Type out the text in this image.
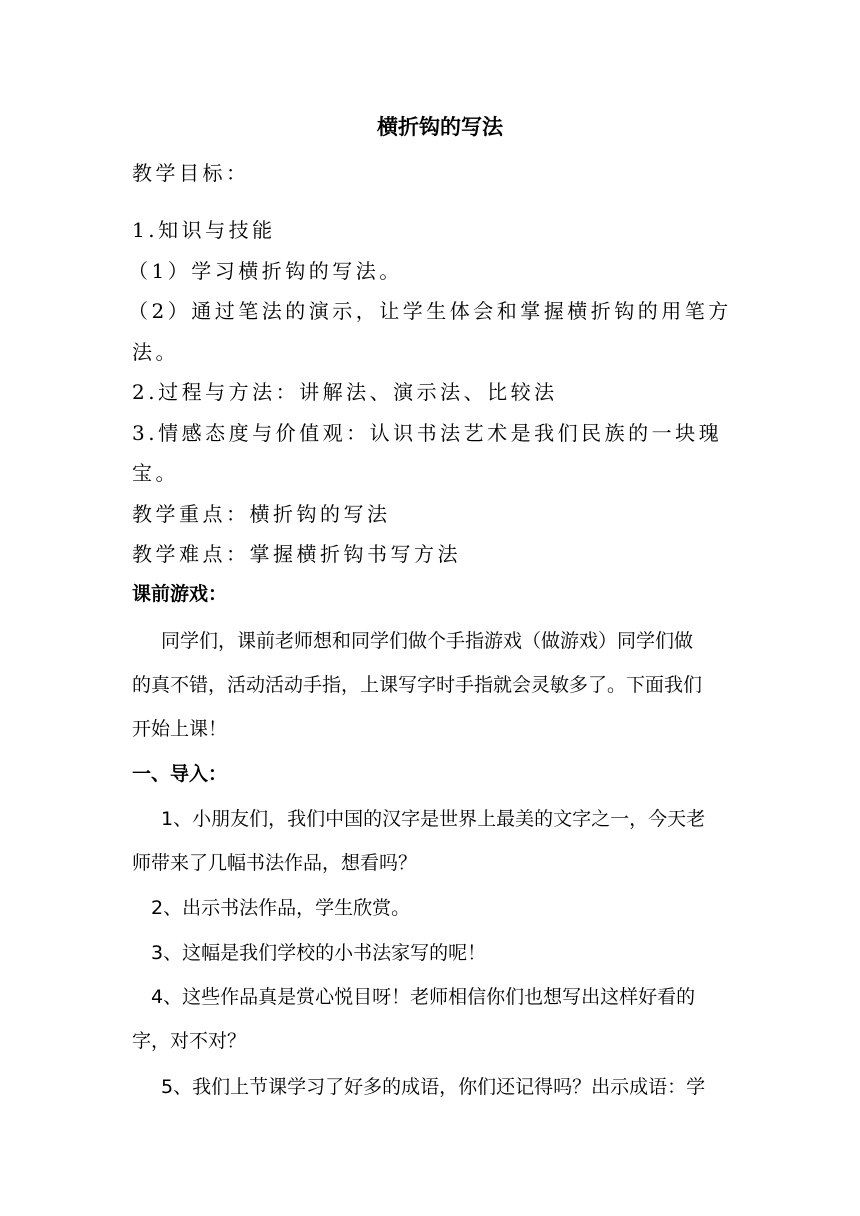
横折钩的写法
教学目标：
1.知识与技能
（1）学习横折钩的写法。
（2）通过笔法的演示，让学生体会和掌握横折钩的用笔方
法。
2.过程与方法：讲解法、演示法、比较法
3.情感态度与价值观：认识书法艺术是我们民族的一块瑰
宝。
教学重点：横折钩的写法
教学难点：掌握横折钩书写方法
课前游戏：
同学们，课前老师想和同学们做个手指游戏（做游戏）同学们做
的真不错，活动活动手指，上课写字时手指就会灵敏多了。下面我们
开始上课！
一、导入：
1、小朋友们，我们中国的汉字是世界上最美的文字之一，今天老
师带来了几幅书法作品，想看吗？
2、出示书法作品，学生欣赏。
3、这幅是我们学校的小书法家写的呢！
4、这些作品真是赏心悦目呀！老师相信你们也想写出这样好看的
字，对不对？
5、我们上节课学习了好多的成语，你们还记得吗？出示成语：学
